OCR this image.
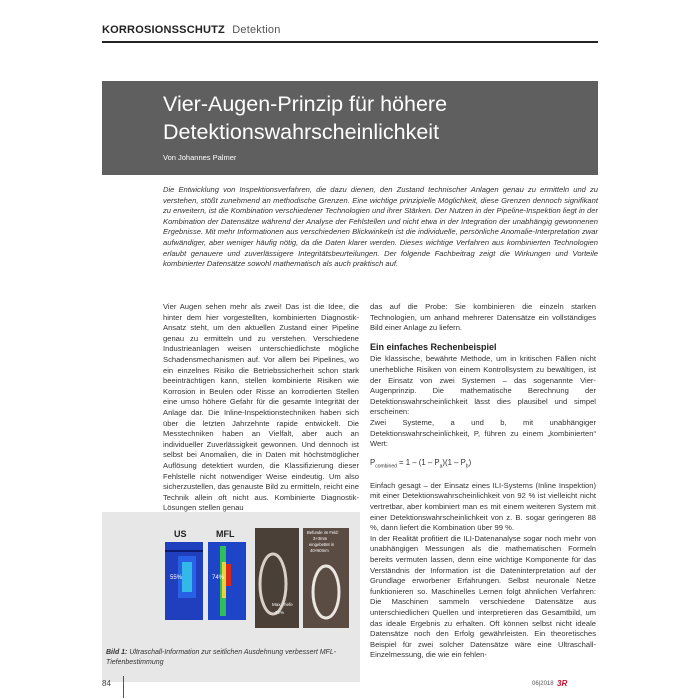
KORROSIONSSCHUTZ Detektion
Vier-Augen-Prinzip für höhere
Detektionswahrscheinlichkeit
Von Johannes Palmer
Die Entwicklung von Inspektionsverfahren, die dazu dienen, den Zustand technischer Anlagen genau zu ermitteln und zu verstehen, stößt zunehmend an methodische Grenzen. Eine wichtige prinzipielle Möglichkeit, diese Grenzen dennoch signifikant zu erweitern, ist die Kombination verschiedener Technologien und ihrer Stärken. Der Nutzen in der Pipeline-Inspektion liegt in der Kombination der Datensätze während der Analyse der Fehlstellen und nicht etwa in der Integration der unabhängig gewonnenen Ergebnisse. Mit mehr Informationen aus verschiedenen Blickwinkeln ist die individuelle, persönliche Anomalie-Interpretation zwar aufwändiger, aber weniger häufig nötig, da die Daten klarer werden. Dieses wichtige Verfahren aus kombinierten Technologien erlaubt genauere und zuverlässigere Integritätsbeurteilungen. Der folgende Fachbeitrag zeigt die Wirkungen und Vorteile kombinierter Datensätze sowohl mathematisch als auch praktisch auf.

Vier Augen sehen mehr als zwei! Das ist die Idee, die hinter dem hier vorgestellten, kombinierten Diagnostik-Ansatz steht, um den aktuellen Zustand einer Pipeline genau zu ermitteln und zu verstehen. Verschiedene Industrieanlagen weisen unterschiedlichste mögliche Schadensmechanismen auf. Vor allem bei Pipelines, wo ein einzelnes Risiko die Betriebssicherheit schon stark beeinträchtigen kann, stellen kombinierte Risiken wie Korrosion in Beulen oder Risse an korrodierten Stellen eine umso höhere Gefahr für die gesamte Integrität der Anlage dar. Die Inline-Inspektionstechniken haben sich über die letzten Jahrzehnte rapide entwickelt. Die Messtechniken haben an Vielfalt, aber auch an individueller Zuverlässigkeit gewonnen. Und dennoch ist selbst bei Anomalien, die in Daten mit höchstmöglicher Auflösung detektiert wurden, die Klassifizierung dieser Fehlstelle nicht notwendiger Weise eindeutig. Um also sicherzustellen, das genauste Bild zu ermitteln, reicht eine Technik allein oft nicht aus. Kombinierte Diagnostik-Lösungen stellen genau

das auf die Probe: Sie kombinieren die einzeln starken Technologien, um anhand mehrerer Datensätze ein vollständiges Bild einer Anlage zu liefern.

Ein einfaches Rechenbeispiel

Die klassische, bewährte Methode, um in kritischen Fällen nicht unerhebliche Risiken von einem Kontrollsystem zu bewältigen, ist der Einsatz von zwei Systemen – das sogenannte Vier-Augenprinzip. Die mathematische Berechnung der Detektionswahrscheinlichkeit lässt dies plausibel und simpel erscheinen:

Zwei Systeme, a und b, mit unabhängiger Detektionswahrscheinlichkeit, P, führen zu einem „kombinierten“ Wert:

$P_{combined} = 1 - (1 - P_a)(1 - P_b)$

Einfach gesagt – der Einsatz eines ILI-Systems (Inline Inspektion) mit einer Detektionswahrscheinlichkeit von 92 % ist vielleicht nicht vertretbar, aber kombiniert man es mit einem weiteren System mit einer Detektionswahrscheinlichkeit von z. B. sogar geringeren 88 %, dann liefert die Kombination über 99 %.

In der Realität profitiert die ILI-Datenanalyse sogar noch mehr von unabhängigen Messungen als die mathematischen Formeln bereits vermuten lassen, denn eine wichtige Komponente für das Verständnis der Information ist die Dateninterpretation auf der Grundlage erworbener Erfahrungen. Selbst neuronale Netze funktionieren so. Maschinelles Lernen folgt ähnlichen Verfahren: Die Maschinen sammeln verschiedene Datensätze aus unterschiedlichen Quellen und interpretieren das Gesamtbild, um das ideale Ergebnis zu erhalten. Oft können selbst nicht ideale Datensätze noch den Erfolg gewährleisten. Ein theoretisches Beispiel für zwei solcher Datensätze wäre eine Ultraschall-Einzelmessung, die wie ein fehlen-

US	MFL
55%	74%
Max. Tiefe
72%
Befunde im Feld:
3+3mm
eingebettet in
40×60mm
Bild 1: Ultraschall-Information zur seitlichen Ausdehnung verbessert MFL-Tiefenbestimmung
84	06|2018 3R
